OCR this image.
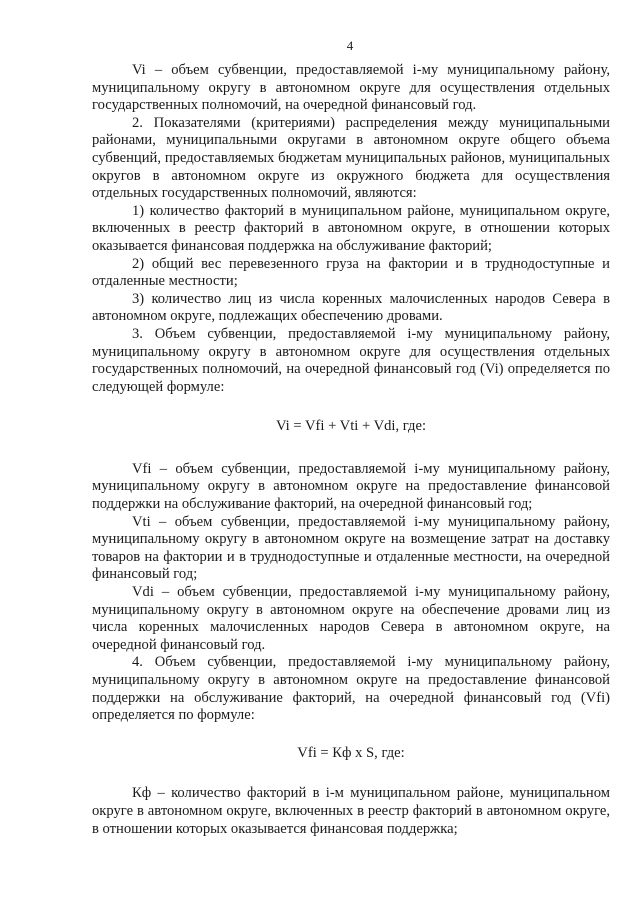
4

Vi – объем субвенции, предоставляемой i-му муниципальному району, муниципальному округу в автономном округе для осуществления отдельных государственных полномочий, на очередной финансовый год.

2. Показателями (критериями) распределения между муниципальными районами, муниципальными округами в автономном округе общего объема субвенций, предоставляемых бюджетам муниципальных районов, муниципальных округов в автономном округе из окружного бюджета для осуществления отдельных государственных полномочий, являются:

1) количество факторий в муниципальном районе, муниципальном округе, включенных в реестр факторий в автономном округе, в отношении которых оказывается финансовая поддержка на обслуживание факторий;

2) общий вес перевезенного груза на фактории и в труднодоступные и отдаленные местности;

3) количество лиц из числа коренных малочисленных народов Севера в автономном округе, подлежащих обеспечению дровами.

3. Объем субвенции, предоставляемой i-му муниципальному району, муниципальному округу в автономном округе для осуществления отдельных государственных полномочий, на очередной финансовый год (Vi) определяется по следующей формуле:

Vi = Vfi + Vti + Vdi, где:

Vfi – объем субвенции, предоставляемой i-му муниципальному району, муниципальному округу в автономном округе на предоставление финансовой поддержки на обслуживание факторий, на очередной финансовый год;

Vti – объем субвенции, предоставляемой i-му муниципальному району, муниципальному округу в автономном округе на возмещение затрат на доставку товаров на фактории и в труднодоступные и отдаленные местности, на очередной финансовый год;

Vdi – объем субвенции, предоставляемой i-му муниципальному району, муниципальному округу в автономном округе на обеспечение дровами лиц из числа коренных малочисленных народов Севера в автономном округе, на очередной финансовый год.

4. Объем субвенции, предоставляемой i-му муниципальному району, муниципальному округу в автономном округе на предоставление финансовой поддержки на обслуживание факторий, на очередной финансовый год (Vfi) определяется по формуле:

Vfi = Кф x S, где:

Кф – количество факторий в i-м муниципальном районе, муниципальном округе в автономном округе, включенных в реестр факторий в автономном округе, в отношении которых оказывается финансовая поддержка;
